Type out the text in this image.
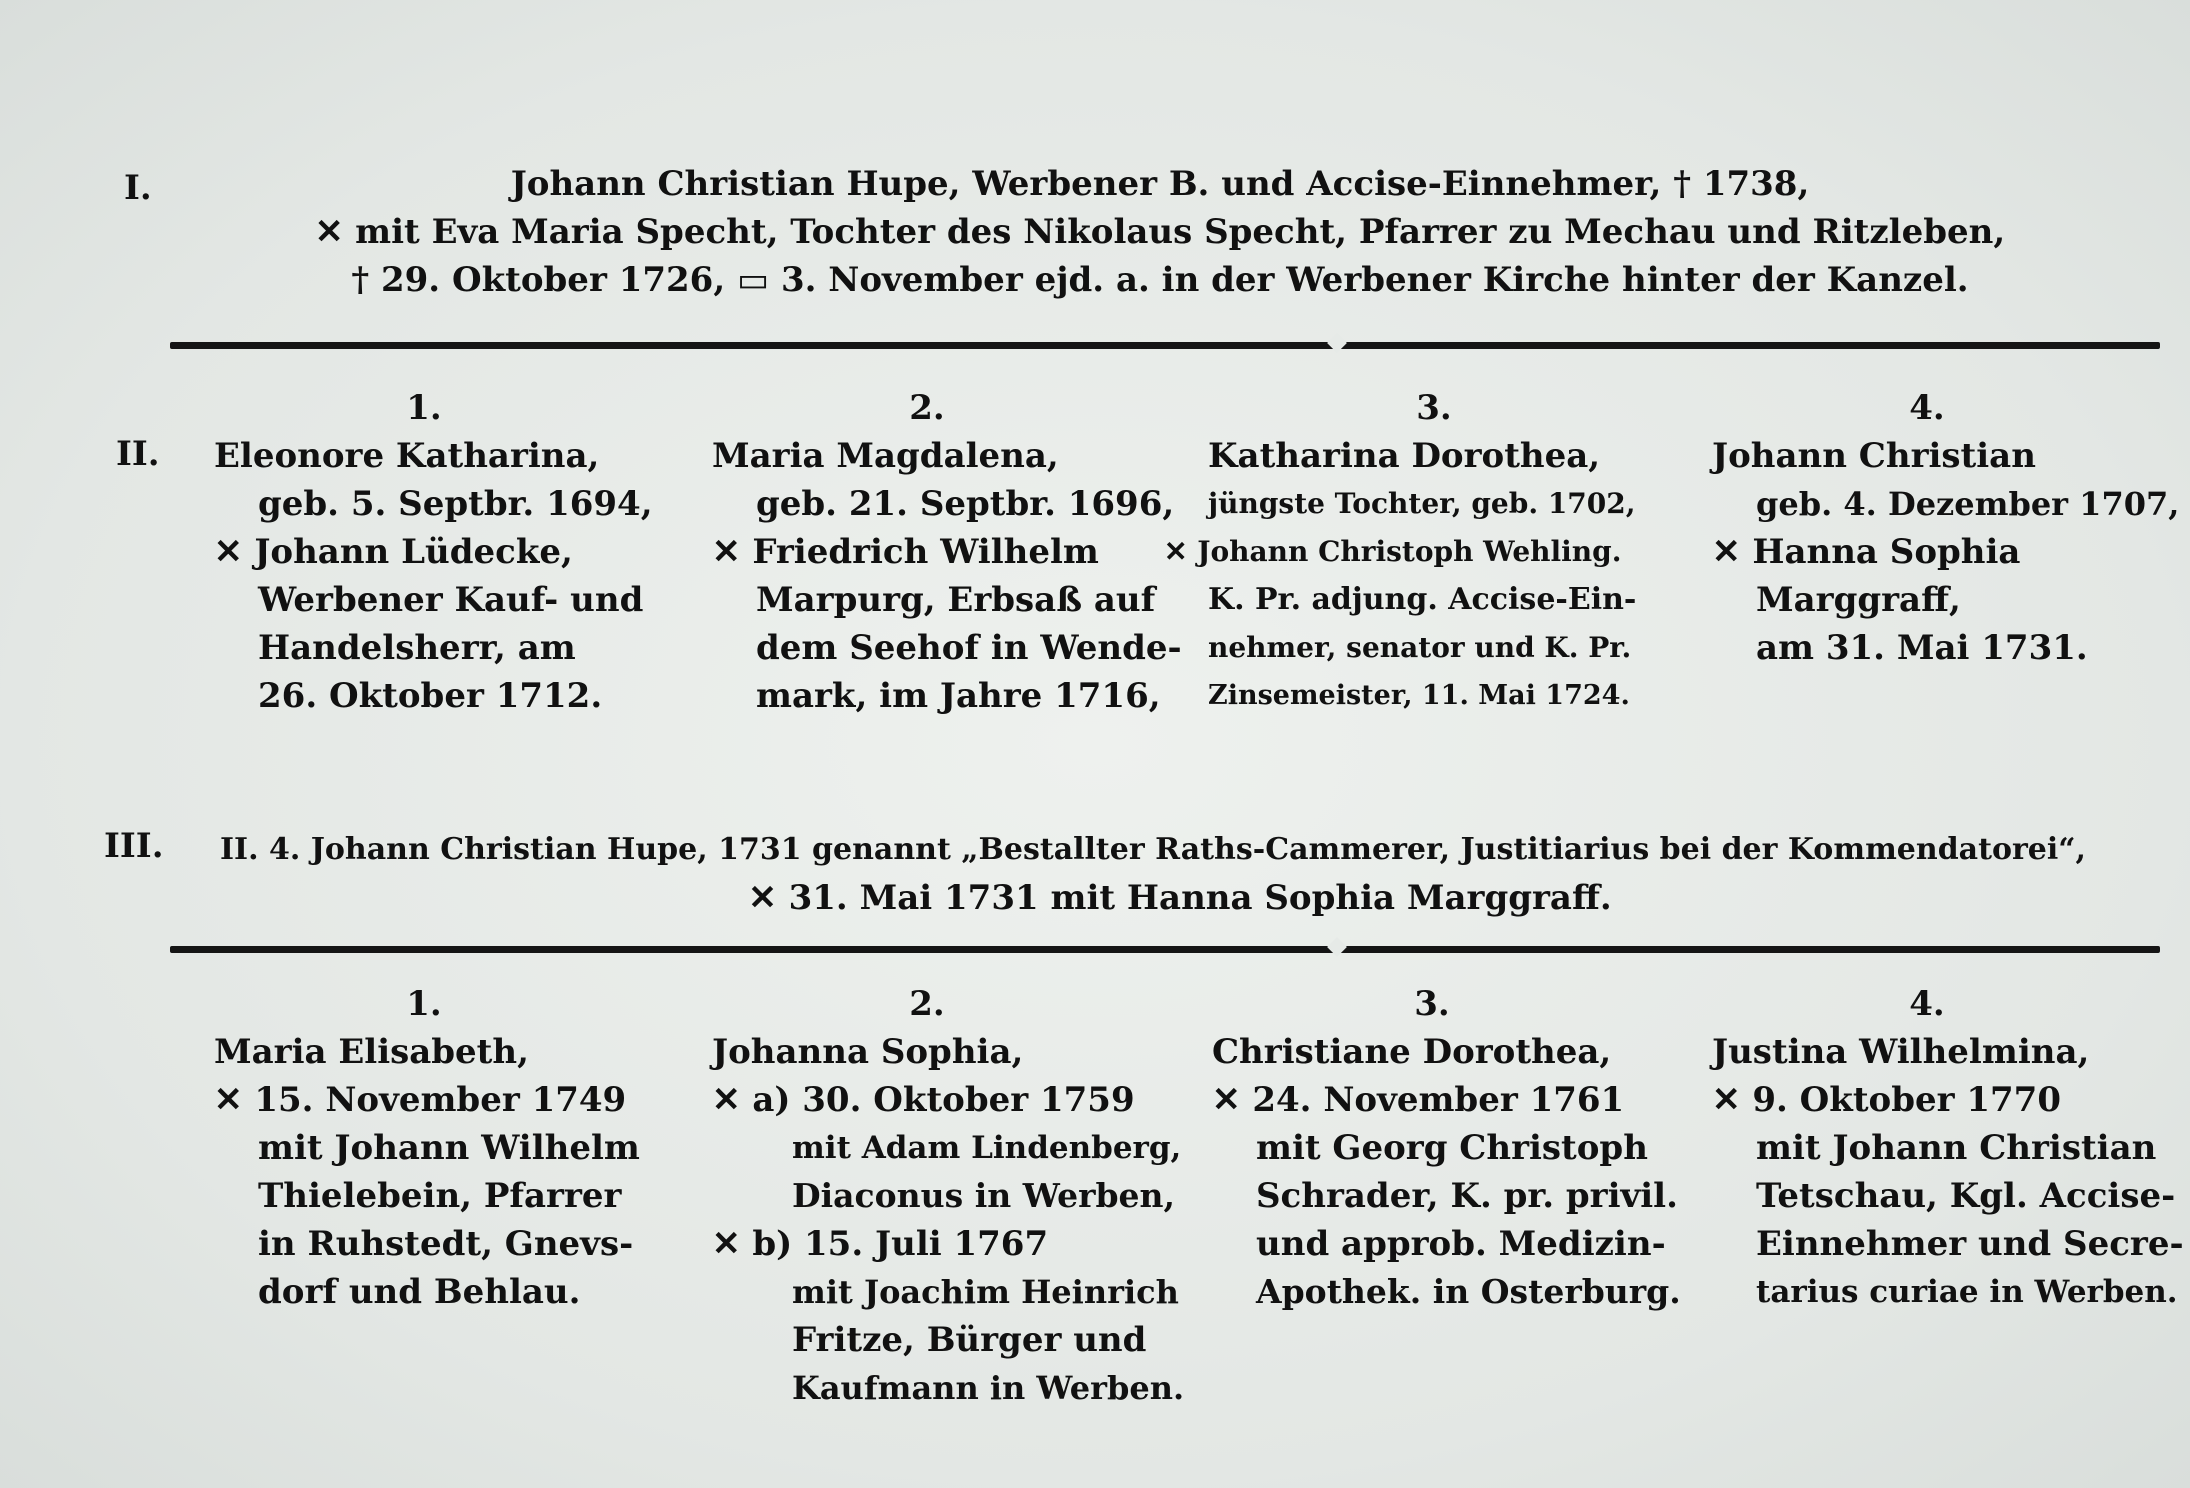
I.	Johann Christian Hupe, Werbener B. und Accise-Einnehmer, † 1738,
✕ mit Eva Maria Specht, Tochter des Nikolaus Specht, Pfarrer zu Mechau und Ritzleben,
† 29. Oktober 1726, ▭ 3. November ejd. a. in der Werbener Kirche hinter der Kanzel.
II.
1.
Eleonore Katharina,
geb. 5. Septbr. 1694,
✕ Johann Lüdecke,
Werbener Kauf- und
Handelsherr, am
26. Oktober 1712.
2.
Maria Magdalena,
geb. 21. Septbr. 1696,
✕ Friedrich Wilhelm
Marpurg, Erbsaß auf
dem Seehof in Wende-
mark, im Jahre 1716,
3.
Katharina Dorothea,
jüngste Tochter, geb. 1702,
✕ Johann Christoph Wehling.
K. Pr. adjung. Accise-Ein-
nehmer, senator und K. Pr.
Zinsemeister, 11. Mai 1724.
4.
Johann Christian
geb. 4. Dezember 1707,
✕ Hanna Sophia
Marggraff,
am 31. Mai 1731.
III. II. 4. Johann Christian Hupe, 1731 genannt „Bestallter Raths-Cammerer, Justitiarius bei der Kommendatorei“,
✕ 31. Mai 1731 mit Hanna Sophia Marggraff.
1.
Maria Elisabeth,
✕ 15. November 1749
mit Johann Wilhelm
Thielebein, Pfarrer
in Ruhstedt, Gnevs-
dorf und Behlau.
2.
Johanna Sophia,
✕ a) 30. Oktober 1759
mit Adam Lindenberg,
Diaconus in Werben,
✕ b) 15. Juli 1767
mit Joachim Heinrich
Fritze, Bürger und
Kaufmann in Werben.
3.
Christiane Dorothea,
✕ 24. November 1761
mit Georg Christoph
Schrader, K. pr. privil.
und approb. Medizin-
Apothek. in Osterburg.
4.
Justina Wilhelmina,
✕ 9. Oktober 1770
mit Johann Christian
Tetschau, Kgl. Accise-
Einnehmer und Secre-
tarius curiae in Werben.
